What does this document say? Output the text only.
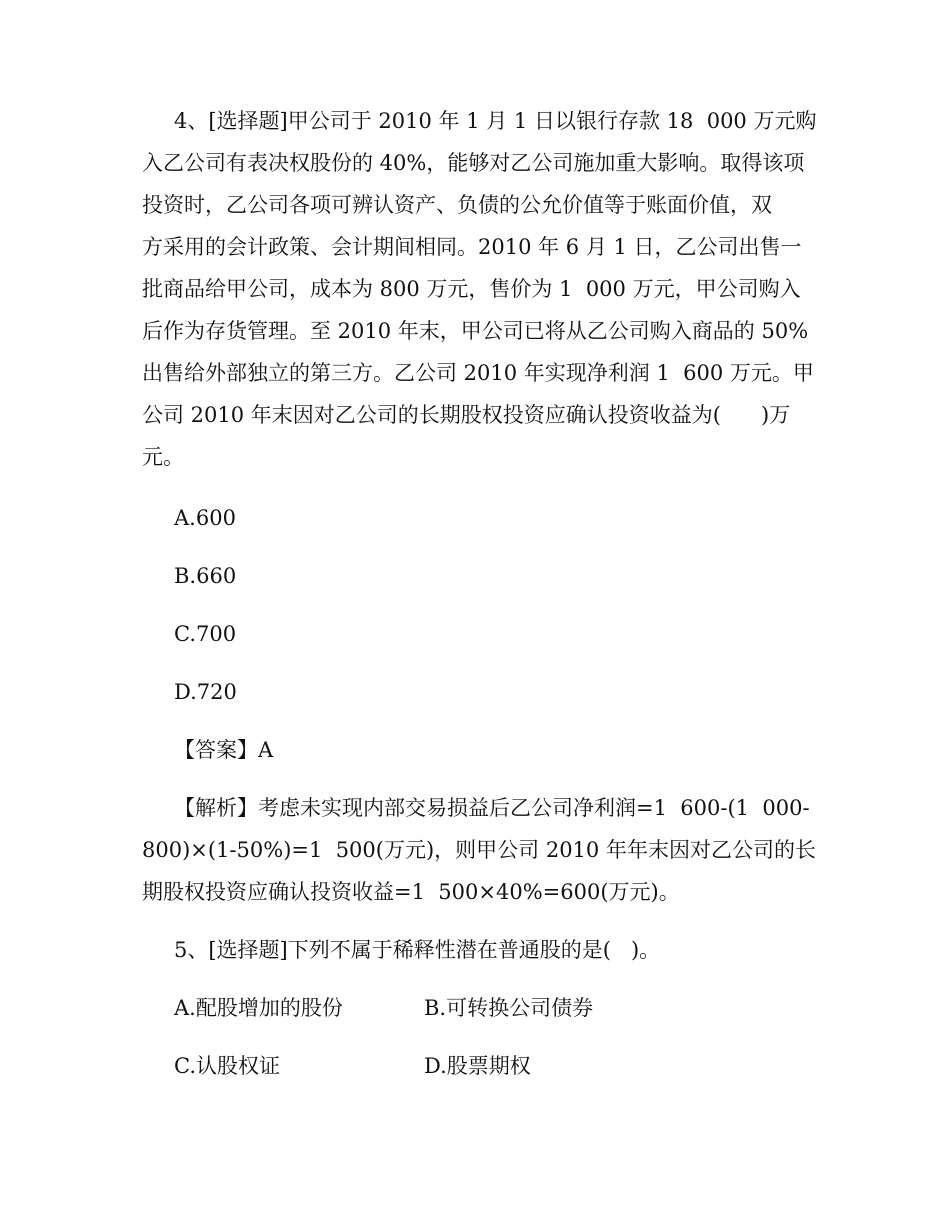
4、[选择题]甲公司于 2010 年 1 月 1 日以银行存款 18  000 万元购
入乙公司有表决权股份的 40%，能够对乙公司施加重大影响。取得该项
投资时，乙公司各项可辨认资产、负债的公允价值等于账面价值，双
方采用的会计政策、会计期间相同。2010 年 6 月 1 日，乙公司出售一
批商品给甲公司，成本为 800 万元，售价为 1  000 万元，甲公司购入
后作为存货管理。至 2010 年末，甲公司已将从乙公司购入商品的 50%
出售给外部独立的第三方。乙公司 2010 年实现净利润 1  600 万元。甲
公司 2010 年末因对乙公司的长期股权投资应确认投资收益为(      )万
元。
A.600
B.660
C.700
D.720
【答案】A
【解析】考虑未实现内部交易损益后乙公司净利润=1  600-(1  000-
800)×(1-50%)=1  500(万元)，则甲公司 2010 年年末因对乙公司的长
期股权投资应确认投资收益=1  500×40%=600(万元)。
5、[选择题]下列不属于稀释性潜在普通股的是(   )。
A.配股增加的股份	B.可转换公司债券
C.认股权证	D.股票期权
